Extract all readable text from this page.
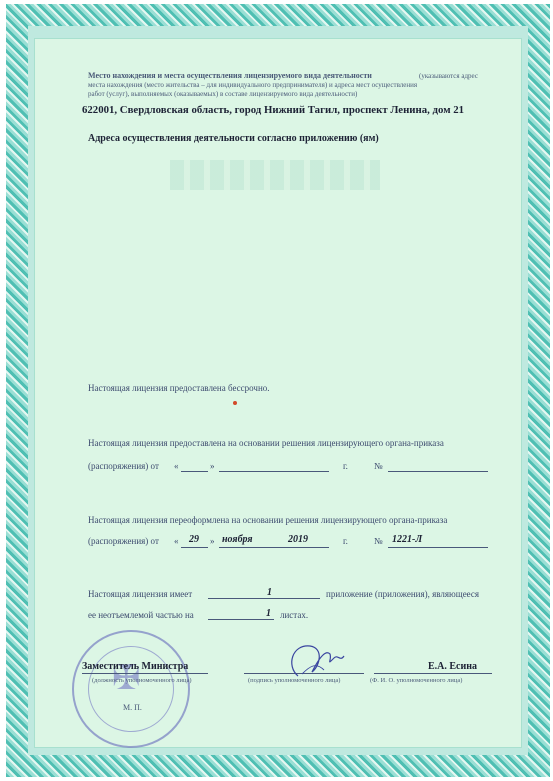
Место нахождения и места осуществления лицензируемого вида деятельности	(указываются адрес
места нахождения (место жительства – для индивидуального предпринимателя) и адреса мест осуществления
работ (услуг), выполняемых (оказываемых) в составе лицензируемого вида деятельности)
622001, Свердловская область, город Нижний Тагил, проспект Ленина, дом 21
Адреса осуществления деятельности согласно приложению (ям)
Настоящая лицензия предоставлена бессрочно.
Настоящая лицензия предоставлена на основании решения лицензирующего органа-приказа
(распоряжения) от «	»	г.	№
Настоящая лицензия переоформлена на основании решения лицензирующего органа-приказа
(распоряжения) от « 29 » ноября	2019	г.	№ 1221-Л
Настоящая лицензия имеет	1	приложение (приложения), являющееся
ее неотъемлемой частью на	1 листах.
✠
Заместитель Министра	Е.А. Есина
(должность уполномоченного лица)	(подпись уполномоченного лица)	(Ф. И. О. уполномоченного лица)
М. П.
